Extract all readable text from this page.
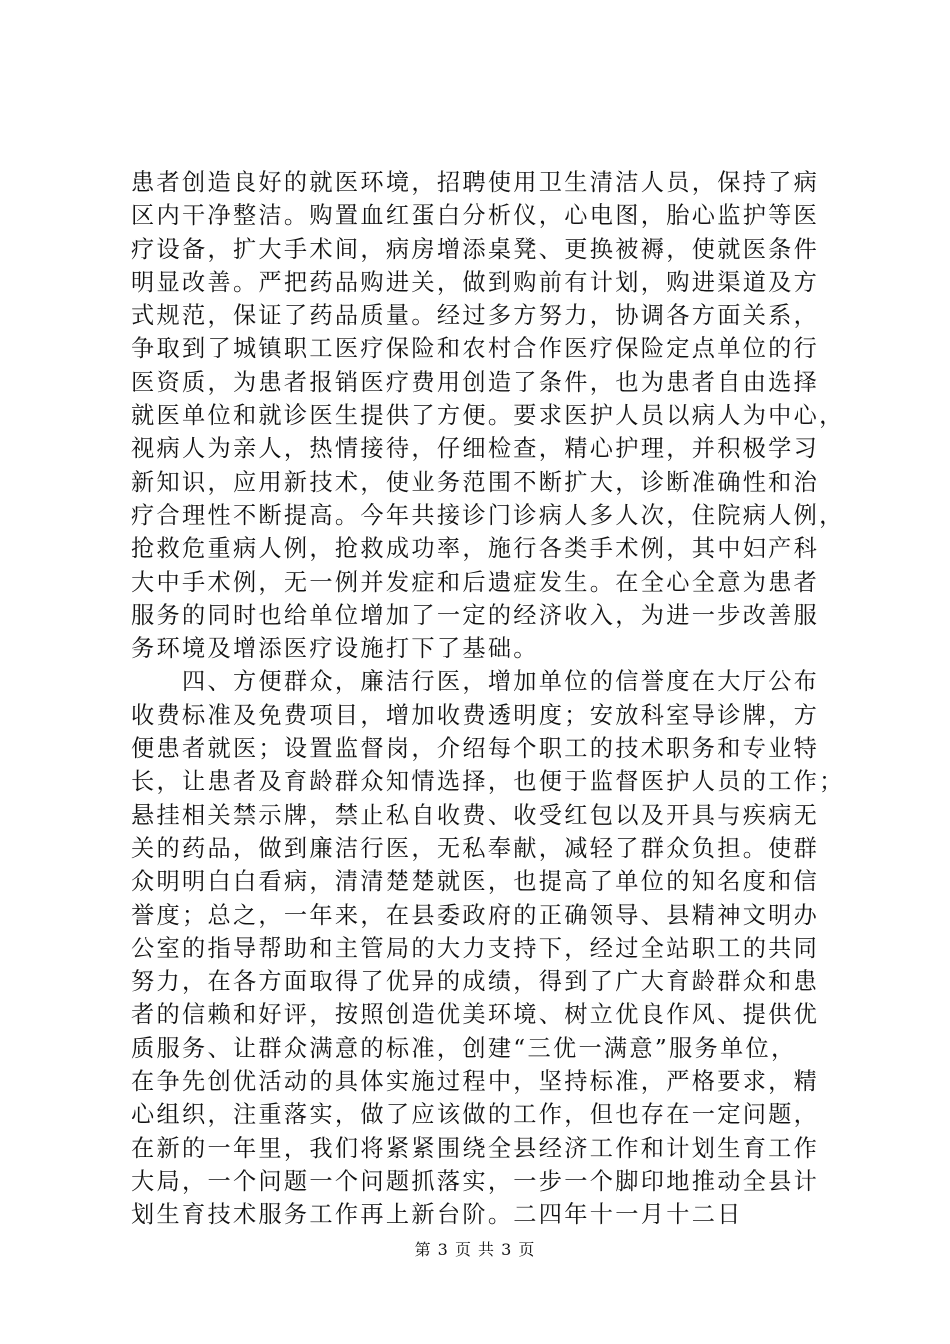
患者创造良好的就医环境，招聘使用卫生清洁人员，保持了病
区内干净整洁。购置血红蛋白分析仪，心电图，胎心监护等医
疗设备，扩大手术间，病房增添桌凳、更换被褥，使就医条件
明显改善。严把药品购进关，做到购前有计划，购进渠道及方
式规范，保证了药品质量。经过多方努力，协调各方面关系，
争取到了城镇职工医疗保险和农村合作医疗保险定点单位的行
医资质，为患者报销医疗费用创造了条件，也为患者自由选择
就医单位和就诊医生提供了方便。要求医护人员以病人为中心，
视病人为亲人，热情接待，仔细检查，精心护理，并积极学习
新知识，应用新技术，使业务范围不断扩大，诊断准确性和治
疗合理性不断提高。今年共接诊门诊病人多人次，住院病人例，
抢救危重病人例，抢救成功率，施行各类手术例，其中妇产科
大中手术例，无一例并发症和后遗症发生。在全心全意为患者
服务的同时也给单位增加了一定的经济收入，为进一步改善服
务环境及增添医疗设施打下了基础。
　　四、方便群众，廉洁行医，增加单位的信誉度在大厅公布
收费标准及免费项目，增加收费透明度；安放科室导诊牌，方
便患者就医；设置监督岗，介绍每个职工的技术职务和专业特
长，让患者及育龄群众知情选择，也便于监督医护人员的工作；
悬挂相关禁示牌，禁止私自收费、收受红包以及开具与疾病无
关的药品，做到廉洁行医，无私奉献，减轻了群众负担。使群
众明明白白看病，清清楚楚就医，也提高了单位的知名度和信
誉度；总之，一年来，在县委政府的正确领导、县精神文明办
公室的指导帮助和主管局的大力支持下，经过全站职工的共同
努力，在各方面取得了优异的成绩，得到了广大育龄群众和患
者的信赖和好评，按照创造优美环境、树立优良作风、提供优
质服务、让群众满意的标准，创建“三优一满意”服务单位，
在争先创优活动的具体实施过程中，坚持标准，严格要求，精
心组织，注重落实，做了应该做的工作，但也存在一定问题，
在新的一年里，我们将紧紧围绕全县经济工作和计划生育工作
大局，一个问题一个问题抓落实，一步一个脚印地推动全县计
划生育技术服务工作再上新台阶。二四年十一月十二日
第 3 页 共 3 页
